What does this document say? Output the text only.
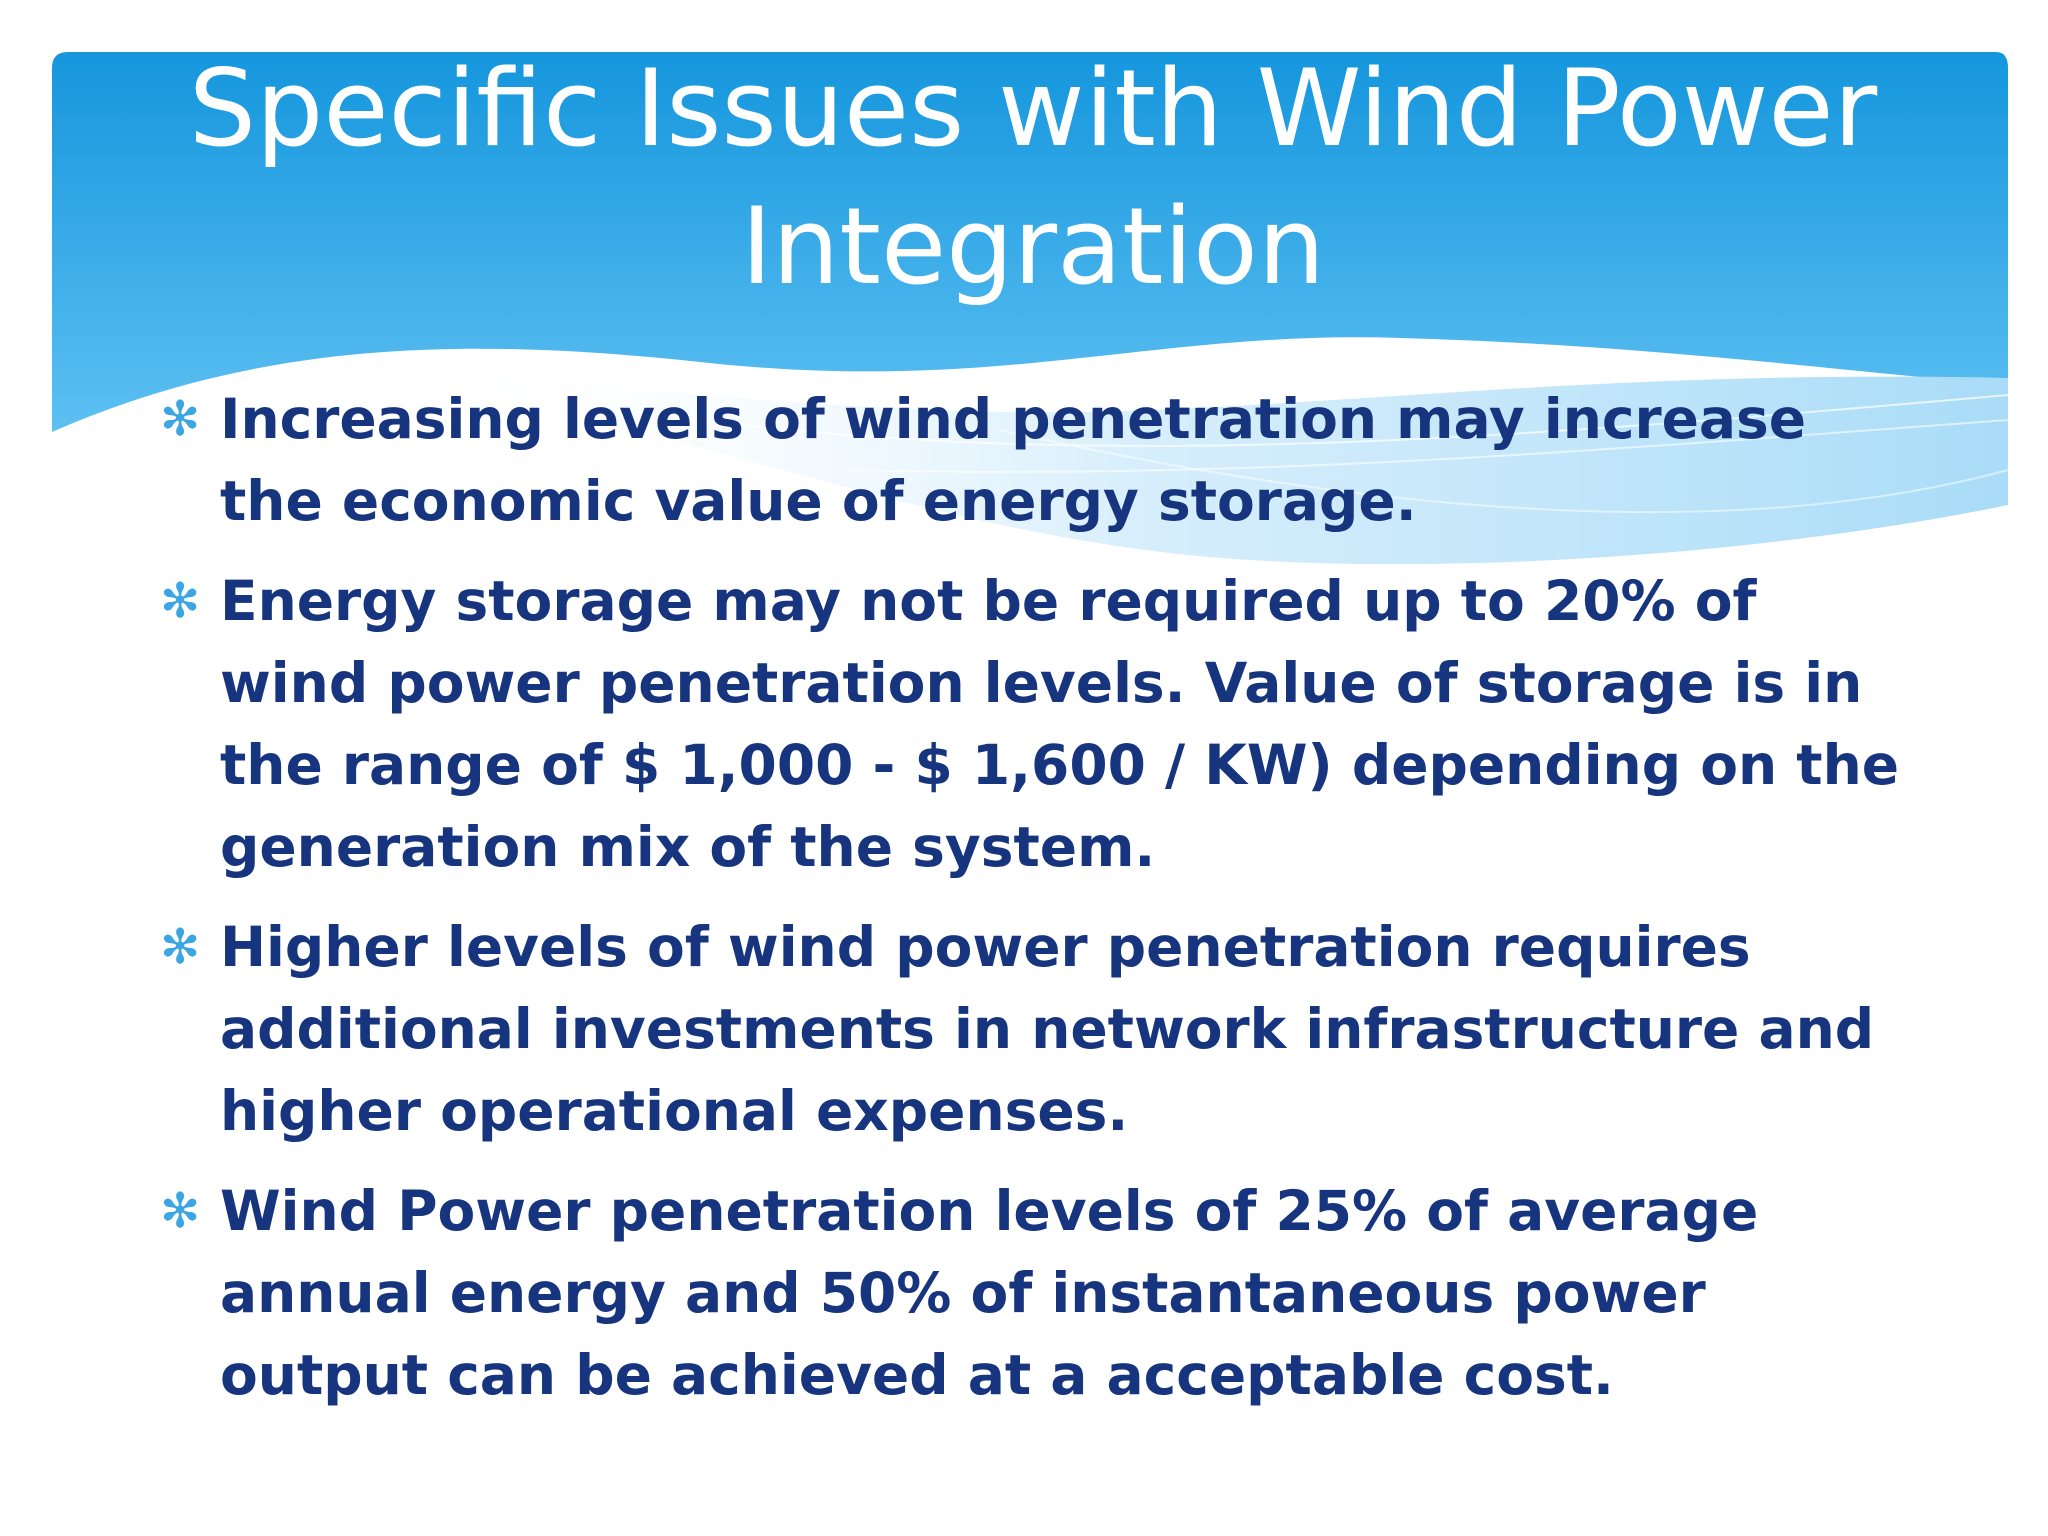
Specific Issues with Wind Power Integration
✻ Increasing levels of wind penetration may increase the economic value of energy storage.
✻ Energy storage may not be required up to 20% of wind power penetration levels. Value of storage is in the range of $ 1,000 - $ 1,600 / KW) depending on the generation mix of the system.
✻ Higher levels of wind power penetration requires additional investments in network infrastructure and higher operational expenses.
✻ Wind Power penetration levels of 25% of average annual energy and 50% of instantaneous power output can be achieved at a acceptable cost.
